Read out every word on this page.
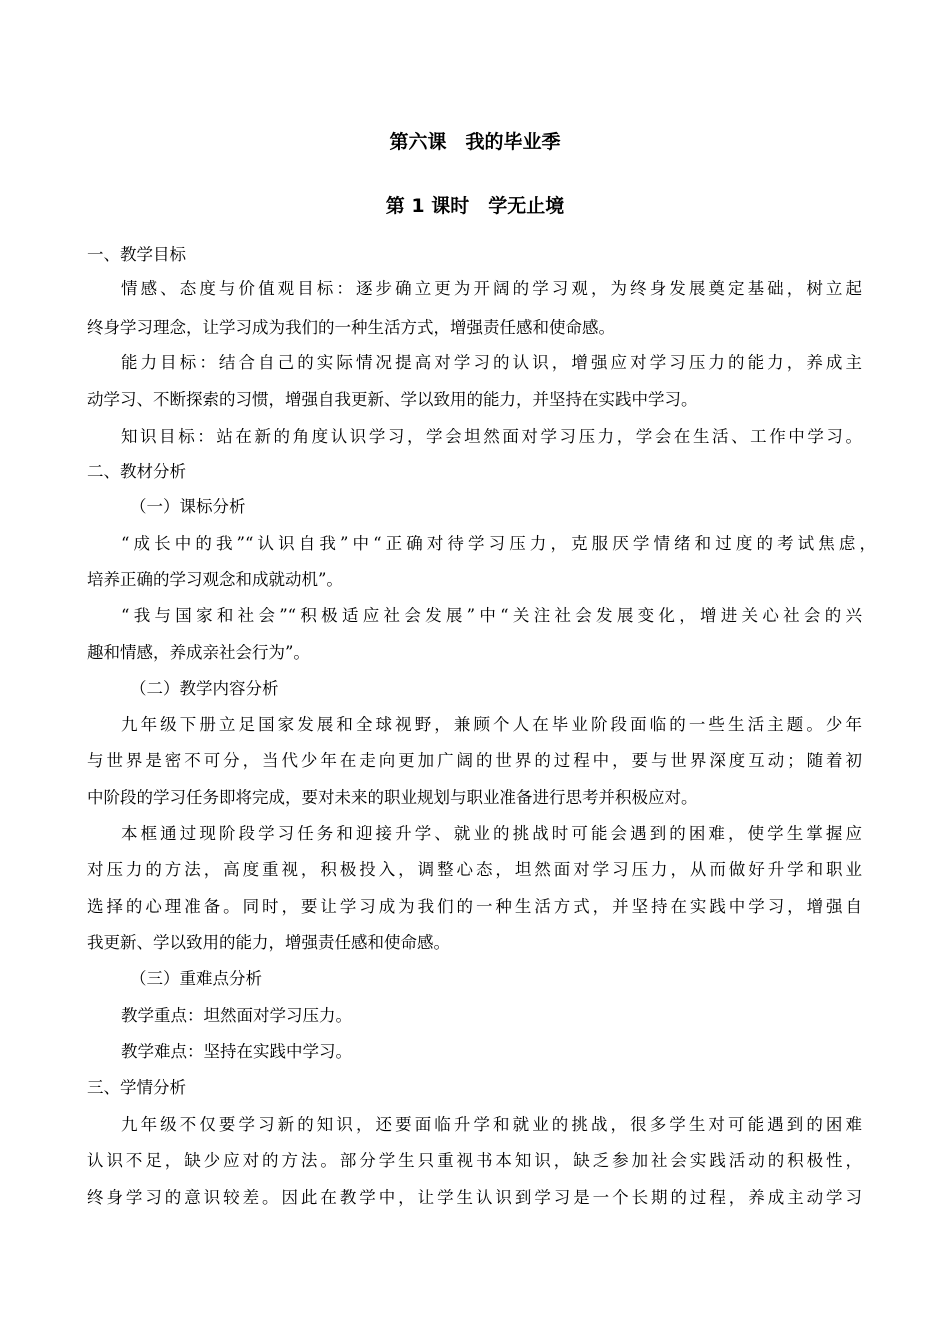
第六课　我的毕业季
第 1 课时　学无止境
一、教学目标
情感、态度与价值观目标：逐步确立更为开阔的学习观，为终身发展奠定基础，树立起
终身学习理念，让学习成为我们的一种生活方式，增强责任感和使命感。
能力目标：结合自己的实际情况提高对学习的认识，增强应对学习压力的能力，养成主
动学习、不断探索的习惯，增强自我更新、学以致用的能力，并坚持在实践中学习。
知识目标：站在新的角度认识学习，学会坦然面对学习压力，学会在生活、工作中学习。
二、教材分析
（一）课标分析
“成长中的我”“认识自我”中“正确对待学习压力，克服厌学情绪和过度的考试焦虑，
培养正确的学习观念和成就动机”。
“我与国家和社会”“积极适应社会发展”中“关注社会发展变化，增进关心社会的兴
趣和情感，养成亲社会行为”。
（二）教学内容分析
九年级下册立足国家发展和全球视野，兼顾个人在毕业阶段面临的一些生活主题。少年
与世界是密不可分，当代少年在走向更加广阔的世界的过程中，要与世界深度互动；随着初
中阶段的学习任务即将完成，要对未来的职业规划与职业准备进行思考并积极应对。
本框通过现阶段学习任务和迎接升学、就业的挑战时可能会遇到的困难，使学生掌握应
对压力的方法，高度重视，积极投入，调整心态，坦然面对学习压力，从而做好升学和职业
选择的心理准备。同时，要让学习成为我们的一种生活方式，并坚持在实践中学习，增强自
我更新、学以致用的能力，增强责任感和使命感。
（三）重难点分析
教学重点：坦然面对学习压力。
教学难点：坚持在实践中学习。
三、学情分析
九年级不仅要学习新的知识，还要面临升学和就业的挑战，很多学生对可能遇到的困难
认识不足，缺少应对的方法。部分学生只重视书本知识，缺乏参加社会实践活动的积极性，
终身学习的意识较差。因此在教学中，让学生认识到学习是一个长期的过程，养成主动学习
